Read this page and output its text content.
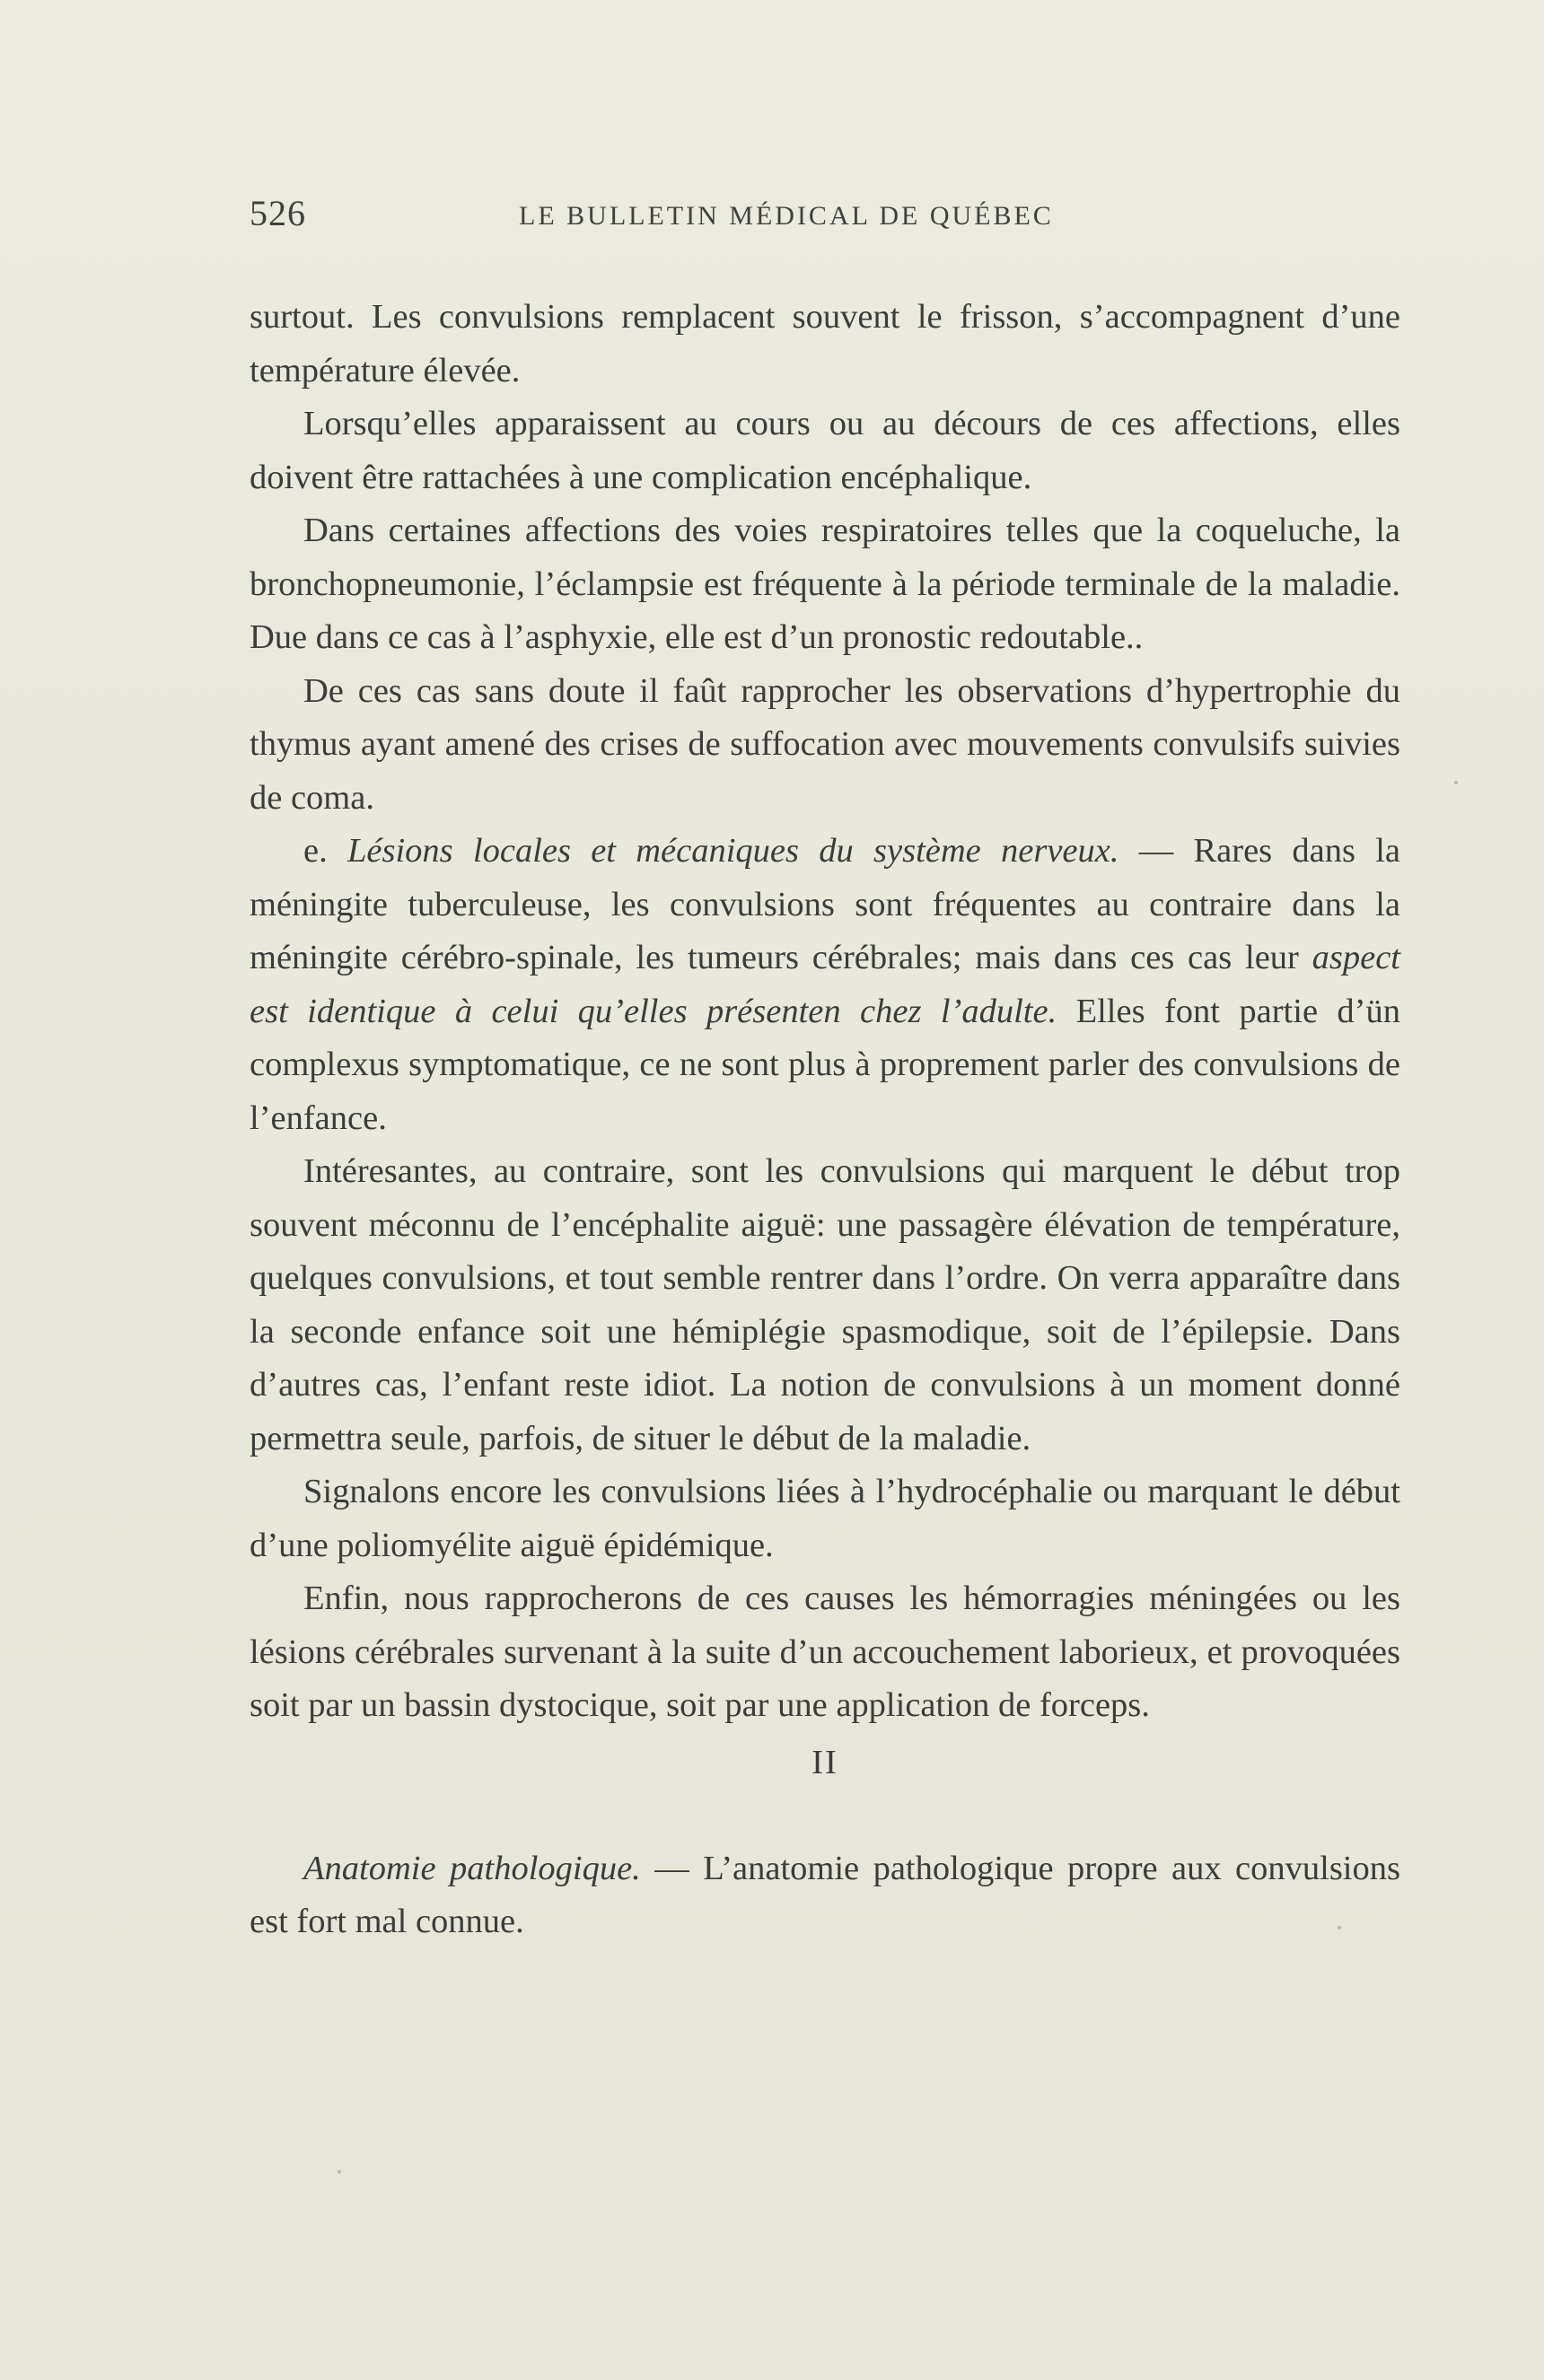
526	LE BULLETIN MÉDICAL DE QUÉBEC

surtout. Les convulsions remplacent souvent le frisson, s’accompagnent d’une température élevée.

Lorsqu’elles apparaissent au cours ou au décours de ces affections, elles doivent être rattachées à une complication encéphalique.

Dans certaines affections des voies respiratoires telles que la coqueluche, la bronchopneumonie, l’éclampsie est fréquente à la période terminale de la maladie. Due dans ce cas à l’asphyxie, elle est d’un pronostic redoutable..

De ces cas sans doute il faût rapprocher les observations d’hypertrophie du thymus ayant amené des crises de suffocation avec mouvements convulsifs suivies de coma.

e. Lésions locales et mécaniques du système nerveux. — Rares dans la méningite tuberculeuse, les convulsions sont fréquentes au contraire dans la méningite cérébro-spinale, les tumeurs cérébrales; mais dans ces cas leur aspect est identique à celui qu’elles présenten chez l’adulte. Elles font partie d’ün complexus symptomatique, ce ne sont plus à proprement parler des convulsions de l’enfance.

Intéresantes, au contraire, sont les convulsions qui marquent le début trop souvent méconnu de l’encéphalite aiguë: une passagère élévation de température, quelques convulsions, et tout semble rentrer dans l’ordre. On verra apparaître dans la seconde enfance soit une hémiplégie spasmodique, soit de l’épilepsie. Dans d’autres cas, l’enfant reste idiot. La notion de convulsions à un moment donné permettra seule, parfois, de situer le début de la maladie.

Signalons encore les convulsions liées à l’hydrocéphalie ou marquant le début d’une poliomyélite aiguë épidémique.

Enfin, nous rapprocherons de ces causes les hémorragies méningées ou les lésions cérébrales survenant à la suite d’un accouchement laborieux, et provoquées soit par un bassin dystocique, soit par une application de forceps.

II

Anatomie pathologique. — L’anatomie pathologique propre aux convulsions est fort mal connue.
